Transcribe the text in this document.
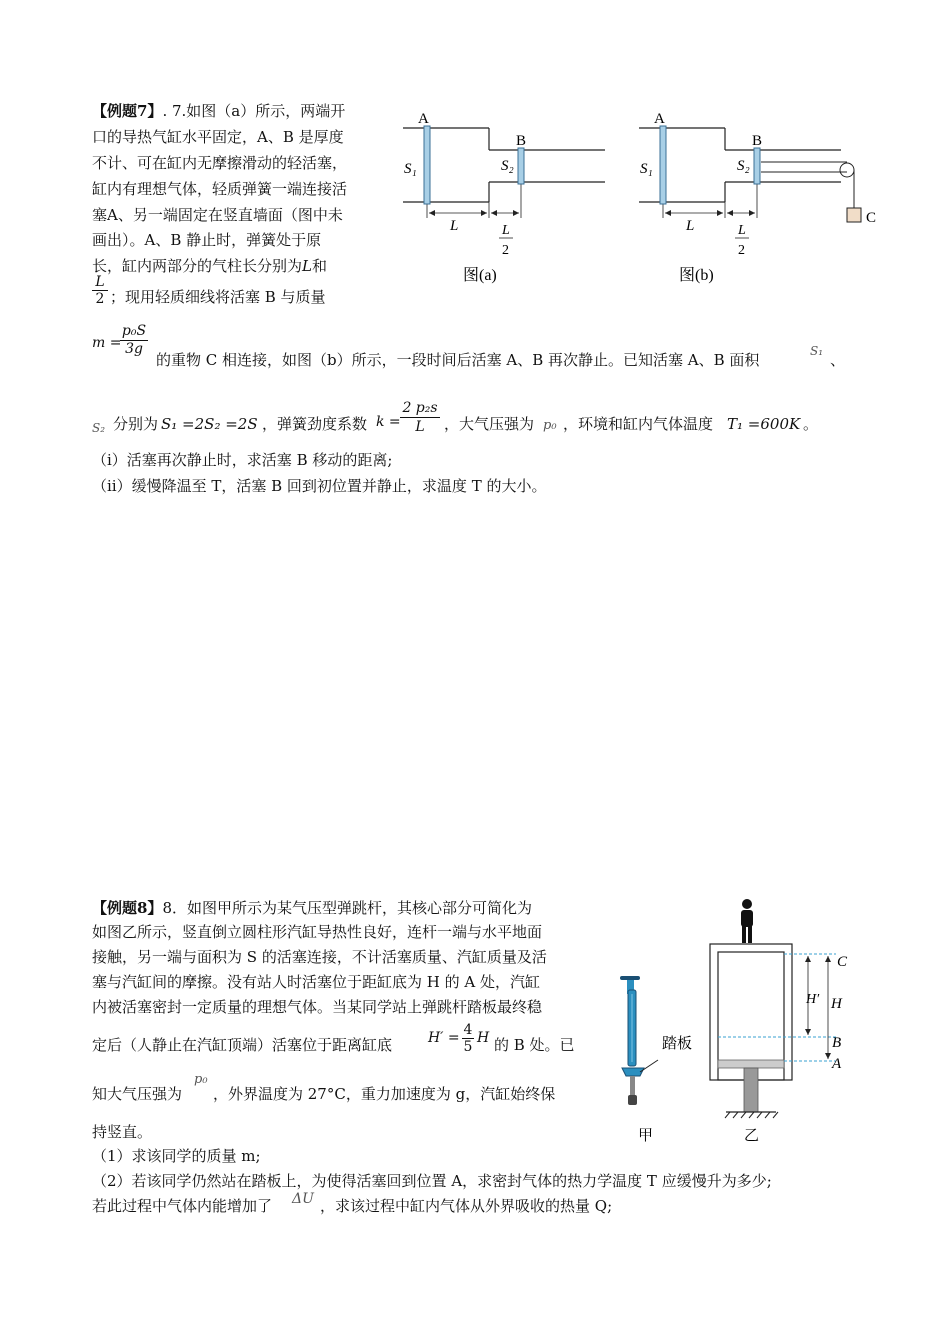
【例题7】. 7.如图（a）所示，两端开
口的导热气缸水平固定，A、B 是厚度
不计、可在缸内无摩擦滑动的轻活塞，
缸内有理想气体，轻质弹簧一端连接活
塞A、另一端固定在竖直墙面（图中未
画出）。A、B 静止时，弹簧处于原
长，缸内两部分的气柱长分别为L和
$\frac{L}{2}$ ；现用轻质细线将活塞 B 与质量
m =
$\frac{\text{p₀S}}{3g}$
的重物 C 相连接，如图（b）所示，一段时间后活塞 A、B 再次静止。已知活塞 A、B 面积	S₁ 、
S₂ 分别为 S₁ =2S₂ =2S ，弹簧劲度系数 $k = \frac{\text{2 p₂s}}{L}$ ，大气压强为 p₀ ，环境和缸内气体温度 T₁ =600K 。
（ⅰ）活塞再次静止时，求活塞 B 移动的距离;
（ⅱ）缓慢降温至 T，活塞 B 回到初位置并静止，求温度 T 的大小。
A
B
S₁	S₂
L	L
2
图(a)
A
B
C
S₁	S₂
L	L
2
图(b)
【例题8】8．如图甲所示为某气压型弹跳杆，其核心部分可简化为
如图乙所示，竖直倒立圆柱形汽缸导热性良好，连杆一端与水平地面
接触，另一端与面积为 S 的活塞连接，不计活塞质量、汽缸质量及活
塞与汽缸间的摩擦。没有站人时活塞位于距缸底为 H 的 A 处，汽缸
内被活塞密封一定质量的理想气体。当某同学站上弹跳杆踏板最终稳
定后（人静止在汽缸顶端）活塞位于距离缸底	$H' = \frac{4}{5}$ H 的 B 处。已
知大气压强为
p₀
，外界温度为 27°C，重力加速度为 g，汽缸始终保
持竖直。
（1）求该同学的质量 m;
（2）若该同学仍然站在踏板上，为使得活塞回到位置 A，求密封气体的热力学温度 T 应缓慢升为多少;
若此过程中气体内能增加了 ΔU ，求该过程中缸内气体从外界吸收的热量 Q;
踏板
甲
C
H′ H
B
A
乙
